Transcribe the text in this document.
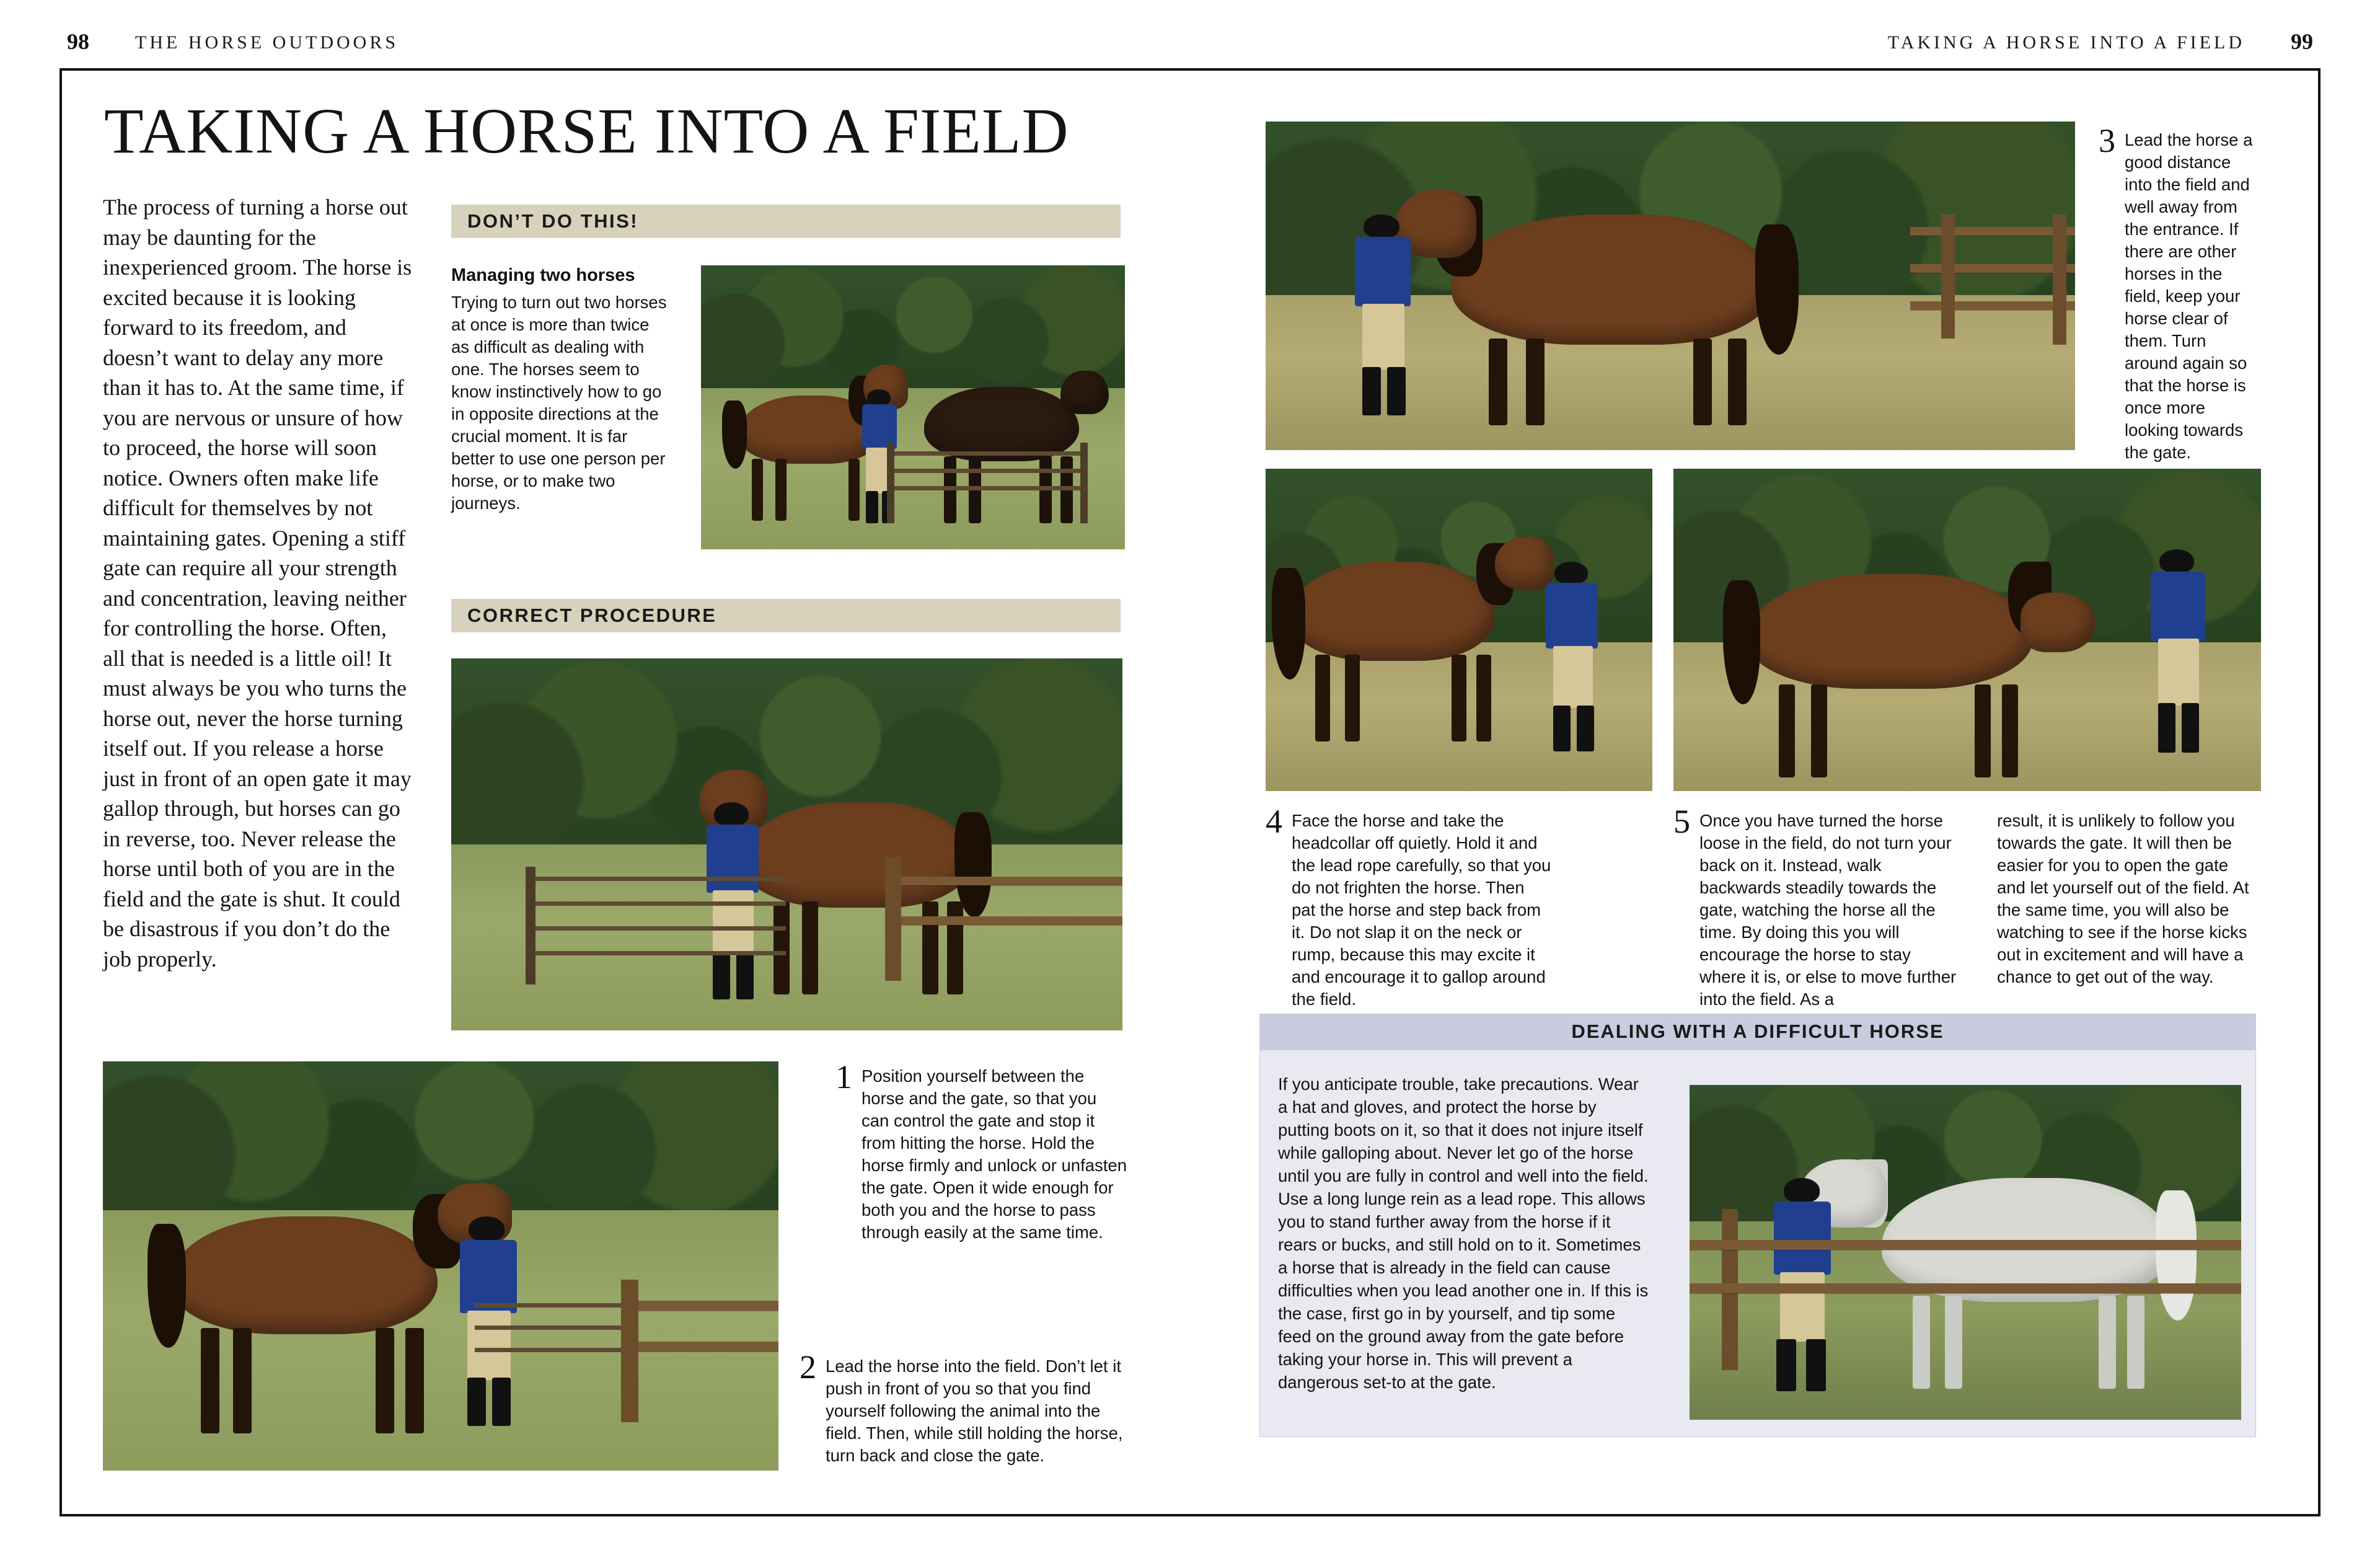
98 THE HORSE OUTDOORS	99
TAKING A HORSE INTO A FIELD
TAKING A HORSE INTO A FIELD
The process of turning a horse out may be daunting for the inexperienced groom. The horse is excited because it is looking forward to its freedom, and doesn’t want to delay any more than it has to. At the same time, if you are nervous or unsure of how to proceed, the horse will soon notice. Owners often make life difficult for themselves by not maintaining gates. Opening a stiff gate can require all your strength and concentration, leaving neither for controlling the horse. Often, all that is needed is a little oil! It must always be you who turns the horse out, never the horse turning itself out. If you release a horse just in front of an open gate it may gallop through, but horses can go in reverse, too. Never release the horse until both of you are in the field and the gate is shut. It could be disastrous if you don’t do the job properly.
DON’T DO THIS!
Managing two horses
Trying to turn out two horses at once is more than twice as difficult as dealing with one. The horses seem to know instinctively how to go in opposite directions at the crucial moment. It is far better to use one person per horse, or to make two journeys.
CORRECT PROCEDURE
1 Position yourself between the horse and the gate, so that you can control the gate and stop it from hitting the horse. Hold the horse firmly and unlock or unfasten the gate. Open it wide enough for both you and the horse to pass through easily at the same time.
2 Lead the horse into the field. Don’t let it push in front of you so that you find yourself following the animal into the field. Then, while still holding the horse, turn back and close the gate.
3 Lead the horse a good distance into the field and well away from the entrance. If there are other horses in the field, keep your horse clear of them. Turn around again so that the horse is once more looking towards the gate.
4 Face the horse and take the headcollar off quietly. Hold it and the lead rope carefully, so that you do not frighten the horse. Then pat the horse and step back from it. Do not slap it on the neck or rump, because this may excite it and encourage it to gallop around the field.
5 Once you have turned the horse loose in the field, do not turn your back on it. Instead, walk backwards steadily towards the gate, watching the horse all the time. By doing this you will encourage the horse to stay where it is, or else to move further into the field. As a
result, it is unlikely to follow you towards the gate. It will then be easier for you to open the gate and let yourself out of the field. At the same time, you will also be watching to see if the horse kicks out in excitement and will have a chance to get out of the way.
DEALING WITH A DIFFICULT HORSE
If you anticipate trouble, take precautions. Wear a hat and gloves, and protect the horse by putting boots on it, so that it does not injure itself while galloping about. Never let go of the horse until you are fully in control and well into the field. Use a long lunge rein as a lead rope. This allows you to stand further away from the horse if it rears or bucks, and still hold on to it. Sometimes a horse that is already in the field can cause difficulties when you lead another one in. If this is the case, first go in by yourself, and tip some feed on the ground away from the gate before taking your horse in. This will prevent a dangerous set-to at the gate.
